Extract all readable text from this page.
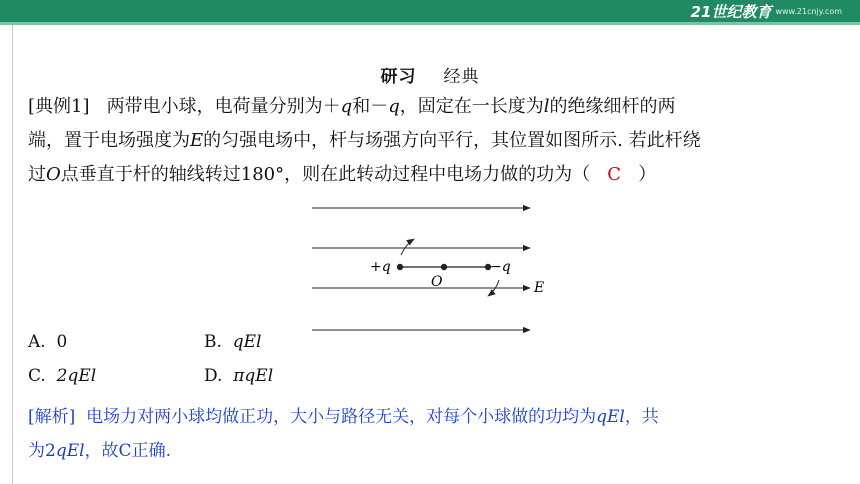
21世纪教育 www.21cnjy.com
研习 经典
[典例1] 两带电小球，电荷量分别为＋q和－q，固定在一长度为l的绝缘细杆的两
端，置于电场强度为E的匀强电场中，杆与场强方向平行，其位置如图所示. 若此杆绕
过O点垂直于杆的轴线转过180°，则在此转动过程中电场力做的功为（ C ）
+q	−q
O	E
A. 0	B. qEl
C. 2qEl	D. πqEl
[解析] 电场力对两小球均做正功，大小与路径无关，对每个小球做的功均为qEl，共
为2qEl，故C正确.
